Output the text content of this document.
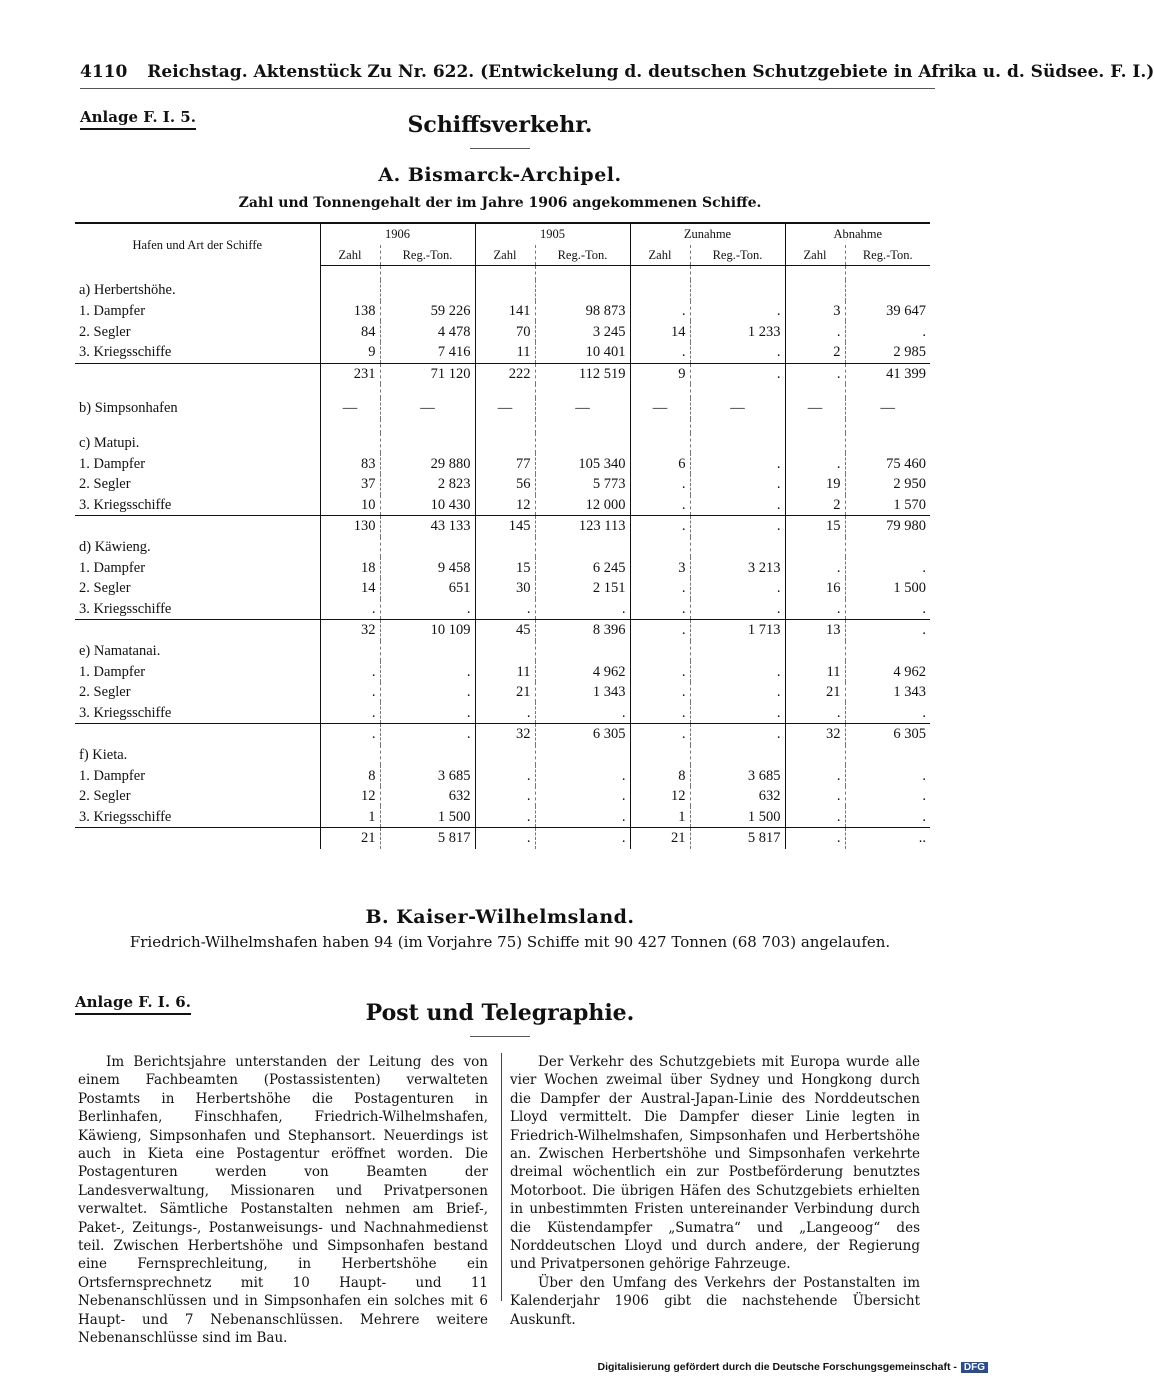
4110 Reichstag. Aktenstück Zu Nr. 622. (Entwickelung d. deutschen Schutzgebiete in Afrika u. d. Südsee. F. I.)
Anlage F. I. 5.	Schiffsverkehr.
A. Bismarck-Archipel.
Zahl und Tonnengehalt der im Jahre 1906 angekommenen Schiffe.
Hafen und Art der Schiffe	1906		1905		Zunahme		Abnahme	
	Zahl	Reg.-Ton.	Zahl	Reg.-Ton.	Zahl	Reg.-Ton.	Zahl	Reg.-Ton.

a) Herbertshöhe.								
1. Dampfer	138	59 226	141	98 873	.	.	3	39 647
2. Segler	84	4 478	70	3 245	14	1 233	.	.
3. Kriegsschiffe	9	7 416	11	10 401	.	.	2	2 985
	231	71 120	222	112 519	9	.	.	41 399

b) Simpsonhafen	—	—	—	—	—	—	—	—

c) Matupi.								
1. Dampfer	83	29 880	77	105 340	6	.	.	75 460
2. Segler	37	2 823	56	5 773	.	.	19	2 950
3. Kriegsschiffe	10	10 430	12	12 000	.	.	2	1 570
	130	43 133	145	123 113	.	.	15	79 980
d) Käwieng.								
1. Dampfer	18	9 458	15	6 245	3	3 213	.	.
2. Segler	14	651	30	2 151	.	.	16	1 500
3. Kriegsschiffe	.	.	.	.	.	.	.	.
	32	10 109	45	8 396	.	1 713	13	.
e) Namatanai.								
1. Dampfer	.	.	11	4 962	.	.	11	4 962
2. Segler	.	.	21	1 343	.	.	21	1 343
3. Kriegsschiffe	.	.	.	.	.	.	.	.
	.	.	32	6 305	.	.	32	6 305
f) Kieta.								
1. Dampfer	8	3 685	.	.	8	3 685	.	.
2. Segler	12	632	.	.	12	632	.	.
3. Kriegsschiffe	1	1 500	.	.	1	1 500	.	.
	21	5 817	.	.	21	5 817	.	..
B. Kaiser-Wilhelmsland.
Friedrich-Wilhelmshafen haben 94 (im Vorjahre 75) Schiffe mit 90 427 Tonnen (68 703) angelaufen.
Anlage F. I. 6.	Post und Telegraphie.

Im Berichtsjahre unterstanden der Leitung des von einem Fachbeamten (Postassistenten) verwalteten Postamts in Herbertshöhe die Postagenturen in Berlinhafen, Finschhafen, Friedrich-Wilhelmshafen, Käwieng, Simpsonhafen und Stephansort. Neuerdings ist auch in Kieta eine Postagentur eröffnet worden. Die Postagenturen werden von Beamten der Landesverwaltung, Missionaren und Privatpersonen verwaltet. Sämtliche Postanstalten nehmen am Brief-, Paket-, Zeitungs-, Postanweisungs- und Nachnahmedienst teil. Zwischen Herbertshöhe und Simpsonhafen bestand eine Fernsprechleitung, in Herbertshöhe ein Ortsfernsprechnetz mit 10 Haupt- und 11 Nebenanschlüssen und in Simpsonhafen ein solches mit 6 Haupt- und 7 Nebenanschlüssen. Mehrere weitere Nebenanschlüsse sind im Bau.

Der Verkehr des Schutzgebiets mit Europa wurde alle vier Wochen zweimal über Sydney und Hongkong durch die Dampfer der Austral-Japan-Linie des Norddeutschen Lloyd vermittelt. Die Dampfer dieser Linie legten in Friedrich-Wilhelmshafen, Simpsonhafen und Herbertshöhe an. Zwischen Herbertshöhe und Simpsonhafen verkehrte dreimal wöchentlich ein zur Postbeförderung benutztes Motorboot. Die übrigen Häfen des Schutzgebiets erhielten in unbestimmten Fristen untereinander Verbindung durch die Küstendampfer „Sumatra“ und „Langeoog“ des Norddeutschen Lloyd und durch andere, der Regierung und Privatpersonen gehörige Fahrzeuge.

Über den Umfang des Verkehrs der Postanstalten im Kalenderjahr 1906 gibt die nachstehende Übersicht Auskunft.

Digitalisierung gefördert durch die Deutsche Forschungsgemeinschaft - DFG
